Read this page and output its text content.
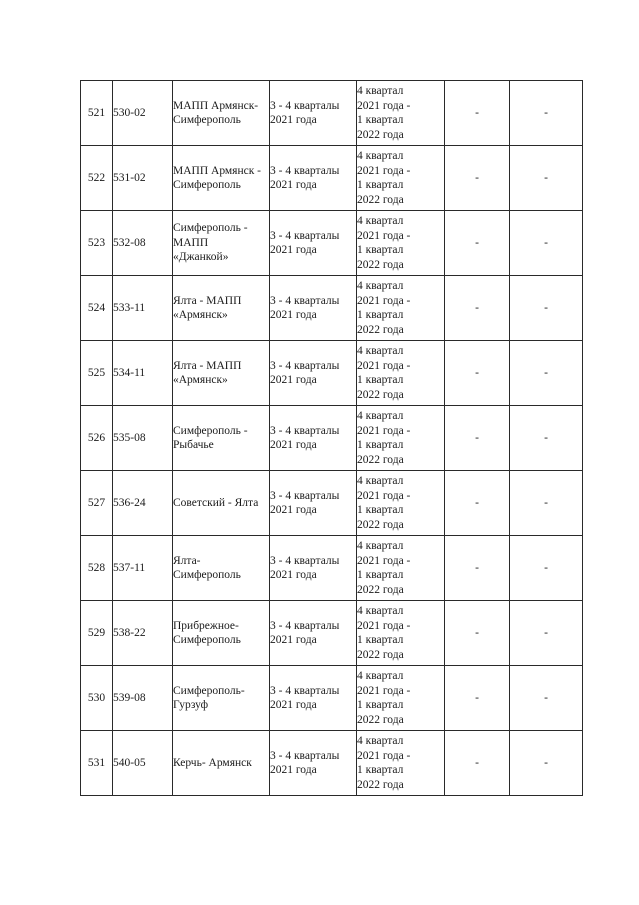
521	530-02	МАПП Армянск-
Симферополь	3 - 4 кварталы
2021 года	4 квартал
2021 года -
1 квартал
2022 года	-	-

522	531-02	МАПП Армянск -
Симферополь	3 - 4 кварталы
2021 года	4 квартал
2021 года -
1 квартал
2022 года	-	-

523	532-08	Симферополь -
МАПП
«Джанкой»	3 - 4 кварталы
2021 года	4 квартал
2021 года -
1 квартал
2022 года	-	-

524	533-11	Ялта - МАПП
«Армянск»	3 - 4 кварталы
2021 года	4 квартал
2021 года -
1 квартал
2022 года	-	-

525	534-11	Ялта - МАПП
«Армянск»	3 - 4 кварталы
2021 года	4 квартал
2021 года -
1 квартал
2022 года	-	-

526	535-08	Симферополь -
Рыбачье	3 - 4 кварталы
2021 года	4 квартал
2021 года -
1 квартал
2022 года	-	-

527	536-24	Советский - Ялта	3 - 4 кварталы
2021 года	4 квартал
2021 года -
1 квартал
2022 года	-	-

528	537-11	Ялта-
Симферополь	3 - 4 кварталы
2021 года	4 квартал
2021 года -
1 квартал
2022 года	-	-

529	538-22	Прибрежное-
Симферополь	3 - 4 кварталы
2021 года	4 квартал
2021 года -
1 квартал
2022 года	-	-

530	539-08	Симферополь-
Гурзуф	3 - 4 кварталы
2021 года	4 квартал
2021 года -
1 квартал
2022 года	-	-

531	540-05	Керчь- Армянск	3 - 4 кварталы
2021 года	4 квартал
2021 года -
1 квартал
2022 года	-	-
